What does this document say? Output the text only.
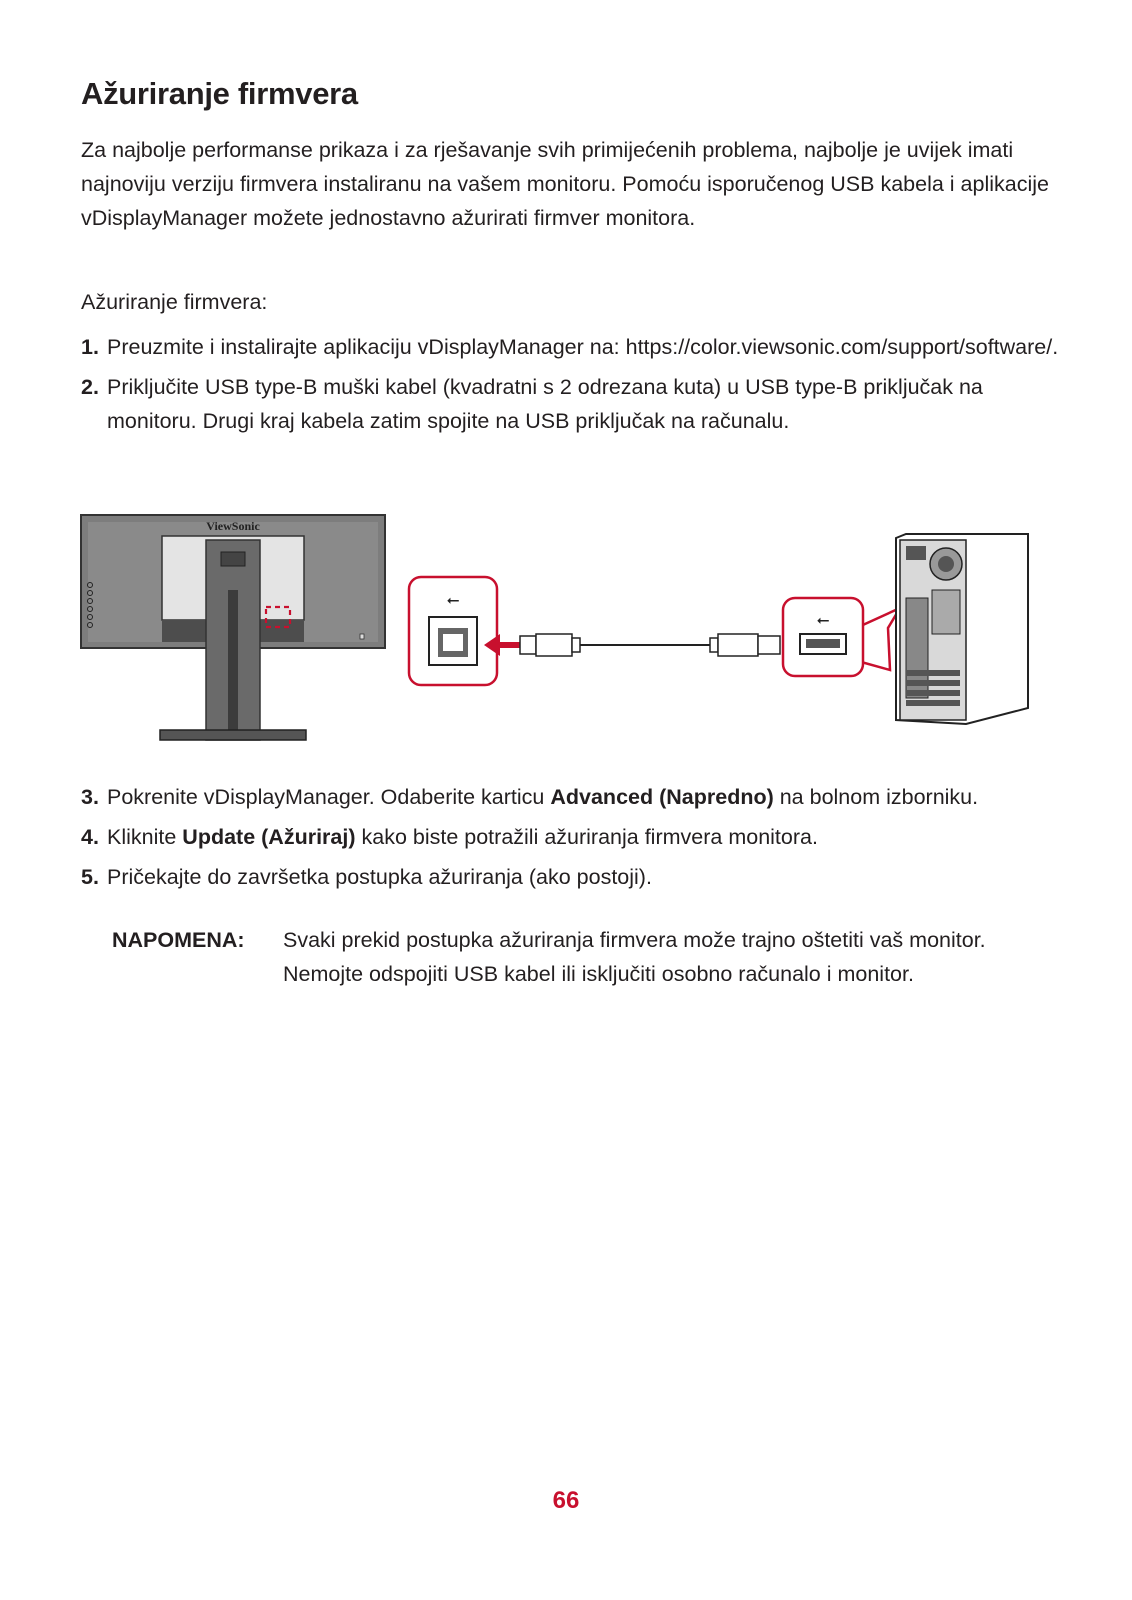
Ažuriranje firmvera

Za najbolje performanse prikaza i za rješavanje svih primijećenih problema, najbolje je uvijek imati najnoviju verziju firmvera instaliranu na vašem monitoru. Pomoću isporučenog USB kabela i aplikacije vDisplayManager možete jednostavno ažurirati firmver monitora.

Ažuriranje firmvera:

1. Preuzmite i instalirajte aplikaciju vDisplayManager na: https://color.viewsonic.com/support/software/.
2. Priključite USB type-B muški kabel (kvadratni s 2 odrezana kuta) u USB type-B priključak na monitoru. Drugi kraj kabela zatim spojite na USB priključak na računalu.
ViewSonic
⭠
⭠
3. Pokrenite vDisplayManager. Odaberite karticu Advanced (Napredno) na bolnom izborniku.
4. Kliknite Update (Ažuriraj) kako biste potražili ažuriranja firmvera monitora.
5. Pričekajte do završetka postupka ažuriranja (ako postoji).
NAPOMENA: Svaki prekid postupka ažuriranja firmvera može trajno oštetiti vaš monitor. Nemojte odspojiti USB kabel ili isključiti osobno računalo i monitor.
66
